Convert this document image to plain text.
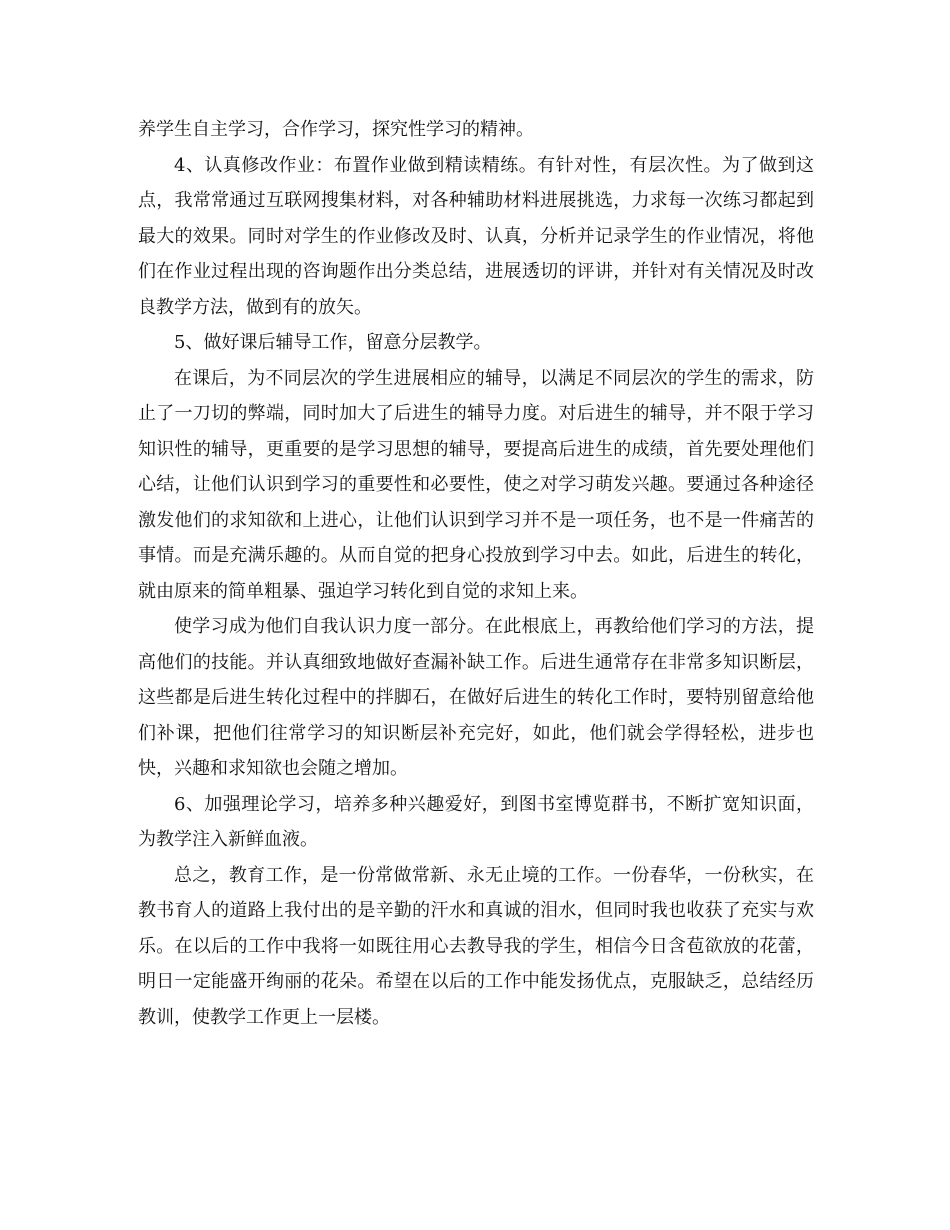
养学生自主学习，合作学习，探究性学习的精神。

4、认真修改作业：布置作业做到精读精练。有针对性，有层次性。为了做到这点，我常常通过互联网搜集材料，对各种辅助材料进展挑选，力求每一次练习都起到最大的效果。同时对学生的作业修改及时、认真，分析并记录学生的作业情况，将他们在作业过程出现的咨询题作出分类总结，进展透切的评讲，并针对有关情况及时改良教学方法，做到有的放矢。

5、做好课后辅导工作，留意分层教学。

在课后，为不同层次的学生进展相应的辅导，以满足不同层次的学生的需求，防止了一刀切的弊端，同时加大了后进生的辅导力度。对后进生的辅导，并不限于学习知识性的辅导，更重要的是学习思想的辅导，要提高后进生的成绩，首先要处理他们心结，让他们认识到学习的重要性和必要性，使之对学习萌发兴趣。要通过各种途径激发他们的求知欲和上进心，让他们认识到学习并不是一项任务，也不是一件痛苦的事情。而是充满乐趣的。从而自觉的把身心投放到学习中去。如此，后进生的转化，就由原来的简单粗暴、强迫学习转化到自觉的求知上来。

使学习成为他们自我认识力度一部分。在此根底上，再教给他们学习的方法，提高他们的技能。并认真细致地做好查漏补缺工作。后进生通常存在非常多知识断层，这些都是后进生转化过程中的拌脚石，在做好后进生的转化工作时，要特别留意给他们补课，把他们往常学习的知识断层补充完好，如此，他们就会学得轻松，进步也快，兴趣和求知欲也会随之增加。

6、加强理论学习，培养多种兴趣爱好，到图书室博览群书，不断扩宽知识面，为教学注入新鲜血液。

总之，教育工作，是一份常做常新、永无止境的工作。一份春华，一份秋实，在教书育人的道路上我付出的是辛勤的汗水和真诚的泪水，但同时我也收获了充实与欢乐。在以后的工作中我将一如既往用心去教导我的学生，相信今日含苞欲放的花蕾，明日一定能盛开绚丽的花朵。希望在以后的工作中能发扬优点，克服缺乏，总结经历教训，使教学工作更上一层楼。
